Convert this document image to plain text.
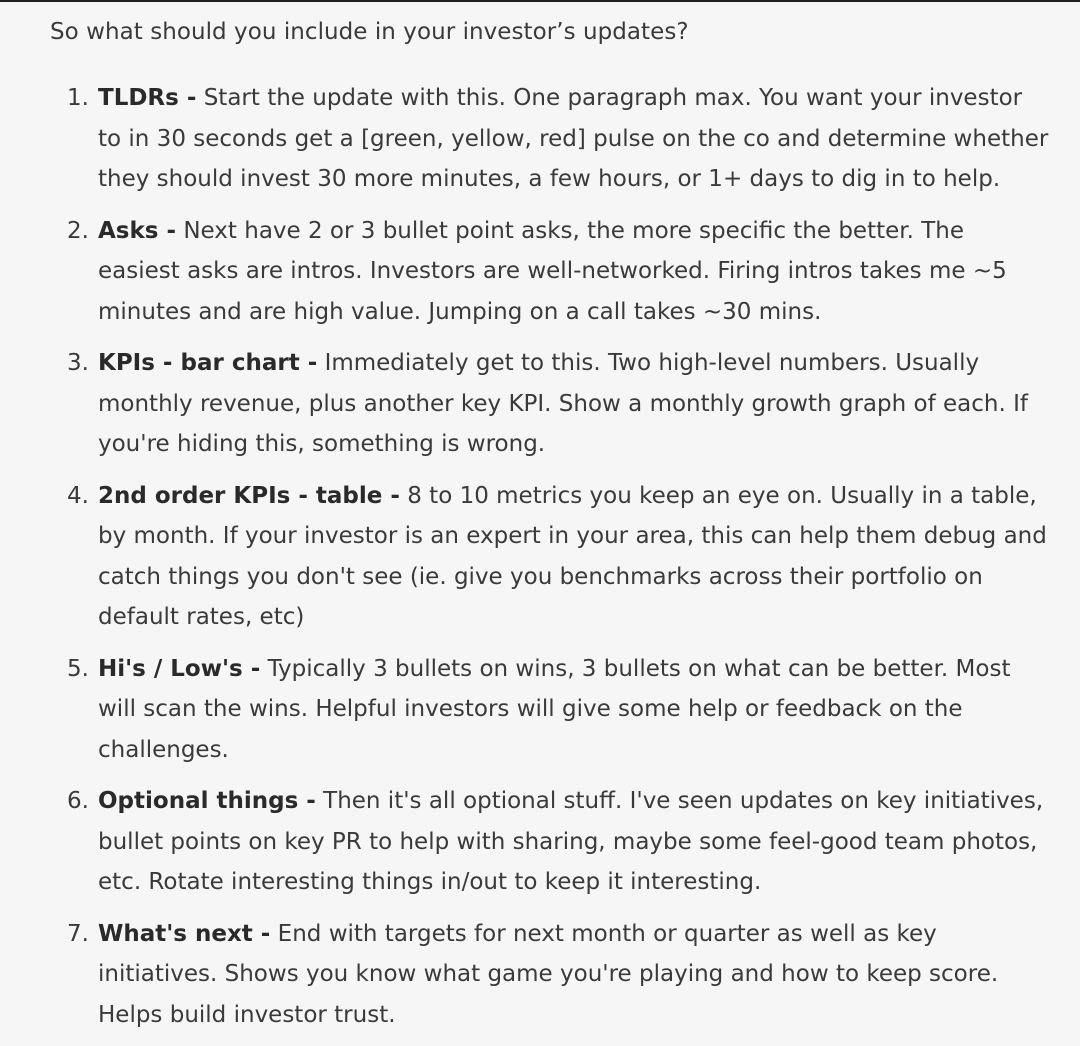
So what should you include in your investor’s updates?

1. TLDRs - Start the update with this. One paragraph max. You want your investor to in 30 seconds get a [green, yellow, red] pulse on the co and determine whether they should invest 30 more minutes, a few hours, or 1+ days to dig in to help.
2. Asks - Next have 2 or 3 bullet point asks, the more specific the better. The easiest asks are intros. Investors are well-networked. Firing intros takes me ~5 minutes and are high value. Jumping on a call takes ~30 mins.
3. KPIs - bar chart - Immediately get to this. Two high-level numbers. Usually monthly revenue, plus another key KPI. Show a monthly growth graph of each. If you're hiding this, something is wrong.
4. 2nd order KPIs - table - 8 to 10 metrics you keep an eye on. Usually in a table, by month. If your investor is an expert in your area, this can help them debug and catch things you don't see (ie. give you benchmarks across their portfolio on default rates, etc)
5. Hi's / Low's - Typically 3 bullets on wins, 3 bullets on what can be better. Most will scan the wins. Helpful investors will give some help or feedback on the challenges.
6. Optional things - Then it's all optional stuff. I've seen updates on key initiatives, bullet points on key PR to help with sharing, maybe some feel-good team photos, etc. Rotate interesting things in/out to keep it interesting.
7. What's next - End with targets for next month or quarter as well as key initiatives. Shows you know what game you're playing and how to keep score. Helps build investor trust.
